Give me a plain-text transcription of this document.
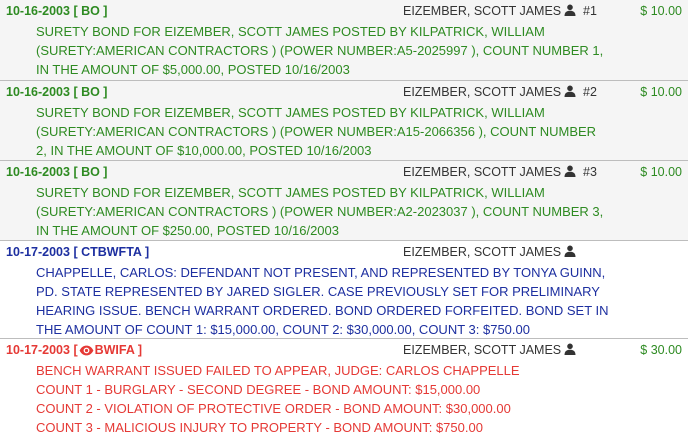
10-16-2003 [ BO ]	EIZEMBER, SCOTT JAMES	#1	$ 10.00
SURETY BOND FOR EIZEMBER, SCOTT JAMES POSTED BY KILPATRICK, WILLIAM
(SURETY:AMERICAN CONTRACTORS ) (POWER NUMBER:A5-2025997 ), COUNT NUMBER 1,
IN THE AMOUNT OF $5,000.00, POSTED 10/16/2003
10-16-2003 [ BO ]	EIZEMBER, SCOTT JAMES	#2	$ 10.00
SURETY BOND FOR EIZEMBER, SCOTT JAMES POSTED BY KILPATRICK, WILLIAM
(SURETY:AMERICAN CONTRACTORS ) (POWER NUMBER:A15-2066356 ), COUNT NUMBER
2, IN THE AMOUNT OF $10,000.00, POSTED 10/16/2003
10-16-2003 [ BO ]	EIZEMBER, SCOTT JAMES	#3	$ 10.00
SURETY BOND FOR EIZEMBER, SCOTT JAMES POSTED BY KILPATRICK, WILLIAM
(SURETY:AMERICAN CONTRACTORS ) (POWER NUMBER:A2-2023037 ), COUNT NUMBER 3,
IN THE AMOUNT OF $250.00, POSTED 10/16/2003
10-17-2003 [ CTBWFTA ]	EIZEMBER, SCOTT JAMES
CHAPPELLE, CARLOS: DEFENDANT NOT PRESENT, AND REPRESENTED BY TONYA GUINN,
PD. STATE REPRESENTED BY JARED SIGLER. CASE PREVIOUSLY SET FOR PRELIMINARY
HEARING ISSUE. BENCH WARRANT ORDERED. BOND ORDERED FORFEITED. BOND SET IN
THE AMOUNT OF COUNT 1: $15,000.00, COUNT 2: $30,000.00, COUNT 3: $750.00
10-17-2003 [ BWIFA ]	EIZEMBER, SCOTT JAMES	$ 30.00
BENCH WARRANT ISSUED FAILED TO APPEAR, JUDGE: CARLOS CHAPPELLE
COUNT 1 - BURGLARY - SECOND DEGREE - BOND AMOUNT: $15,000.00
COUNT 2 - VIOLATION OF PROTECTIVE ORDER - BOND AMOUNT: $30,000.00
COUNT 3 - MALICIOUS INJURY TO PROPERTY - BOND AMOUNT: $750.00
